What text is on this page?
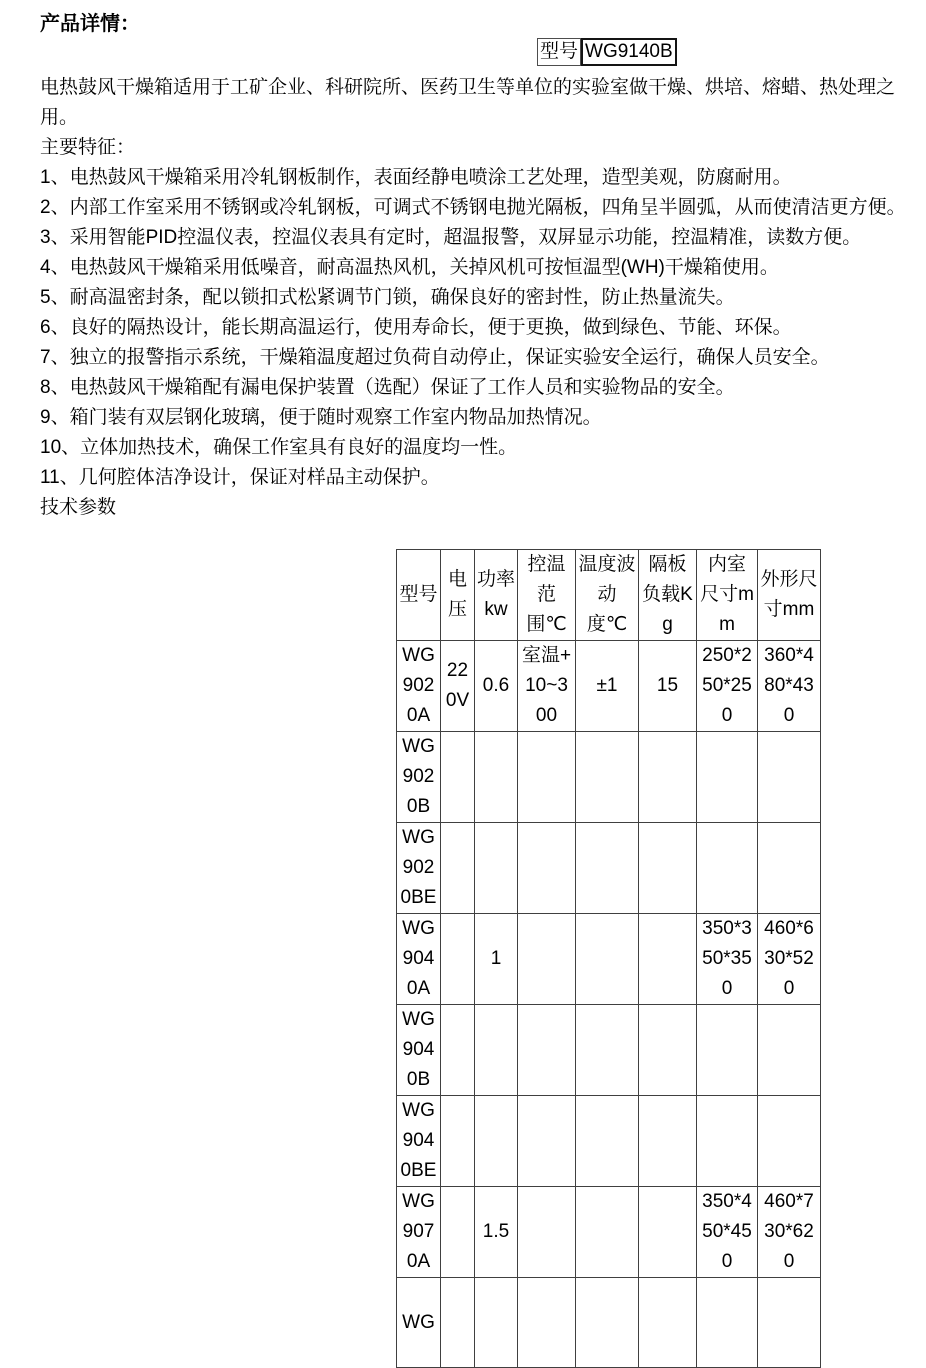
产品详情：
型号 WG9140B
电热鼓风干燥箱适用于工矿企业、科研院所、医药卫生等单位的实验室做干燥、烘培、熔蜡、热处理之用。
主要特征：
1、电热鼓风干燥箱采用冷轧钢板制作，表面经静电喷涂工艺处理，造型美观，防腐耐用。
2、内部工作室采用不锈钢或冷轧钢板，可调式不锈钢电抛光隔板，四角呈半圆弧，从而使清洁更方便。
3、采用智能PID控温仪表，控温仪表具有定时，超温报警，双屏显示功能，控温精准，读数方便。
4、电热鼓风干燥箱采用低噪音，耐高温热风机，关掉风机可按恒温型(WH)干燥箱使用。
5、耐高温密封条，配以锁扣式松紧调节门锁，确保良好的密封性，防止热量流失。
6、良好的隔热设计，能长期高温运行，使用寿命长，便于更换，做到绿色、节能、环保。
7、独立的报警指示系统，干燥箱温度超过负荷自动停止，保证实验安全运行，确保人员安全。
8、电热鼓风干燥箱配有漏电保护装置（选配）保证了工作人员和实验物品的安全。
9、箱门装有双层钢化玻璃，便于随时观察工作室内物品加热情况。
10、立体加热技术，确保工作室具有良好的温度均一性。
11、几何腔体洁净设计，保证对样品主动保护。
技术参数
型号	电压	功率kw	控温范围℃	温度波动度℃	隔板负载Kg	内室尺寸mm	外形尺寸mm
WG9020A	220V	0.6	室温+10~300	±1	15	250*250*250	360*480*430
WG9020B							
WG9020BE							
WG9040A		1				350*350*350	460*630*520
WG9040B							
WG9040BE							
WG9070A		1.5				350*450*450	460*730*620
WG							
